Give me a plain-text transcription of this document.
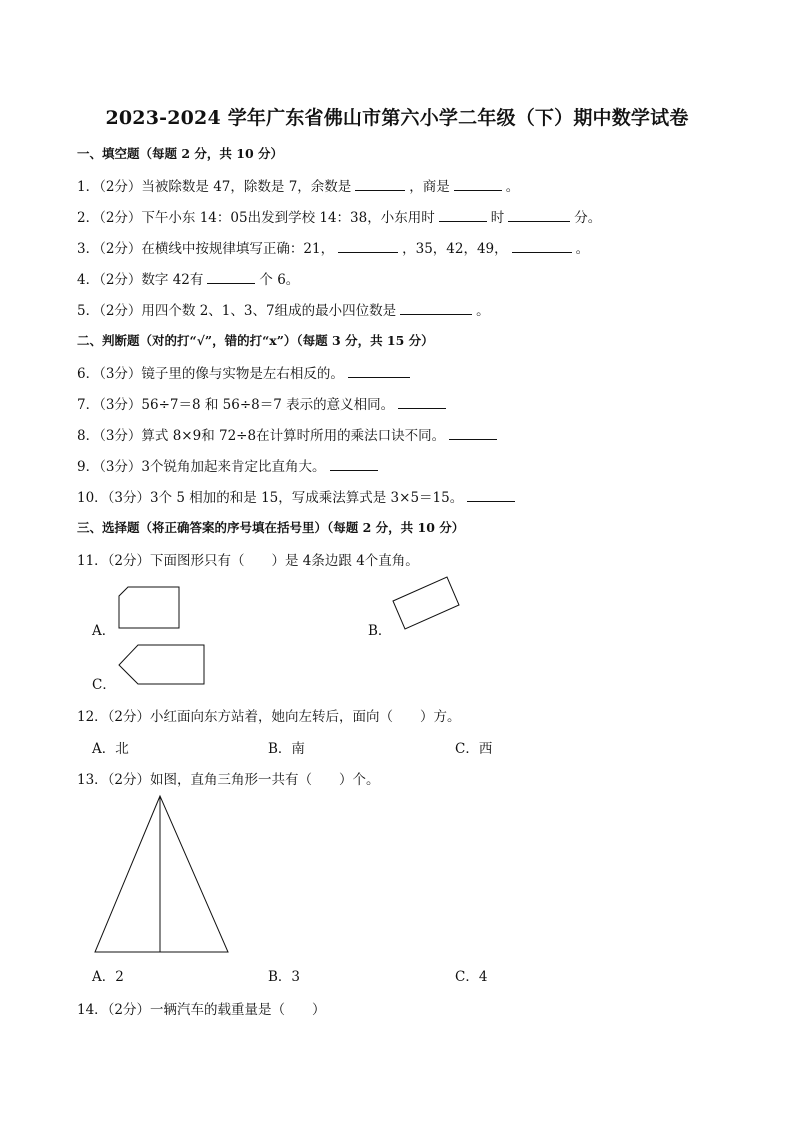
2023-2024 学年广东省佛山市第六小学二年级（下）期中数学试卷
一、填空题（每题 2 分，共 10 分）
1．（2分）当被除数是 47，除数是 7，余数是	，商是	。
2．（2分）下午小东 14：05出发到学校 14：38，小东用时	时	分。
3．（2分）在横线中按规律填写正确：21，	，35，42，49，	。
4．（2分）数字 42有	个 6。
5．（2分）用四个数 2、1、3、7组成的最小四位数是	。
二、判断题（对的打“√”，错的打“x”）（每题 3 分，共 15 分）
6．（3分）镜子里的像与实物是左右相反的。
7．（3分）56÷7＝8 和 56÷8＝7 表示的意义相同。
8．（3分）算式 8×9和 72÷8在计算时所用的乘法口诀不同。
9．（3分）3个锐角加起来肯定比直角大。
10．（3分）3个 5 相加的和是 15，写成乘法算式是 3×5＝15。
三、选择题（将正确答案的序号填在括号里）（每题 2 分，共 10 分）
11．（2分）下面图形只有（　　）是 4条边跟 4个直角。
A．	B．
C．
12．（2分）小红面向东方站着，她向左转后，面向（　　）方。
A．北	B．南	C．西
13．（2分）如图，直角三角形一共有（　　）个。
A．2	B．3	C．4
14．（2分）一辆汽车的载重量是（　　）
